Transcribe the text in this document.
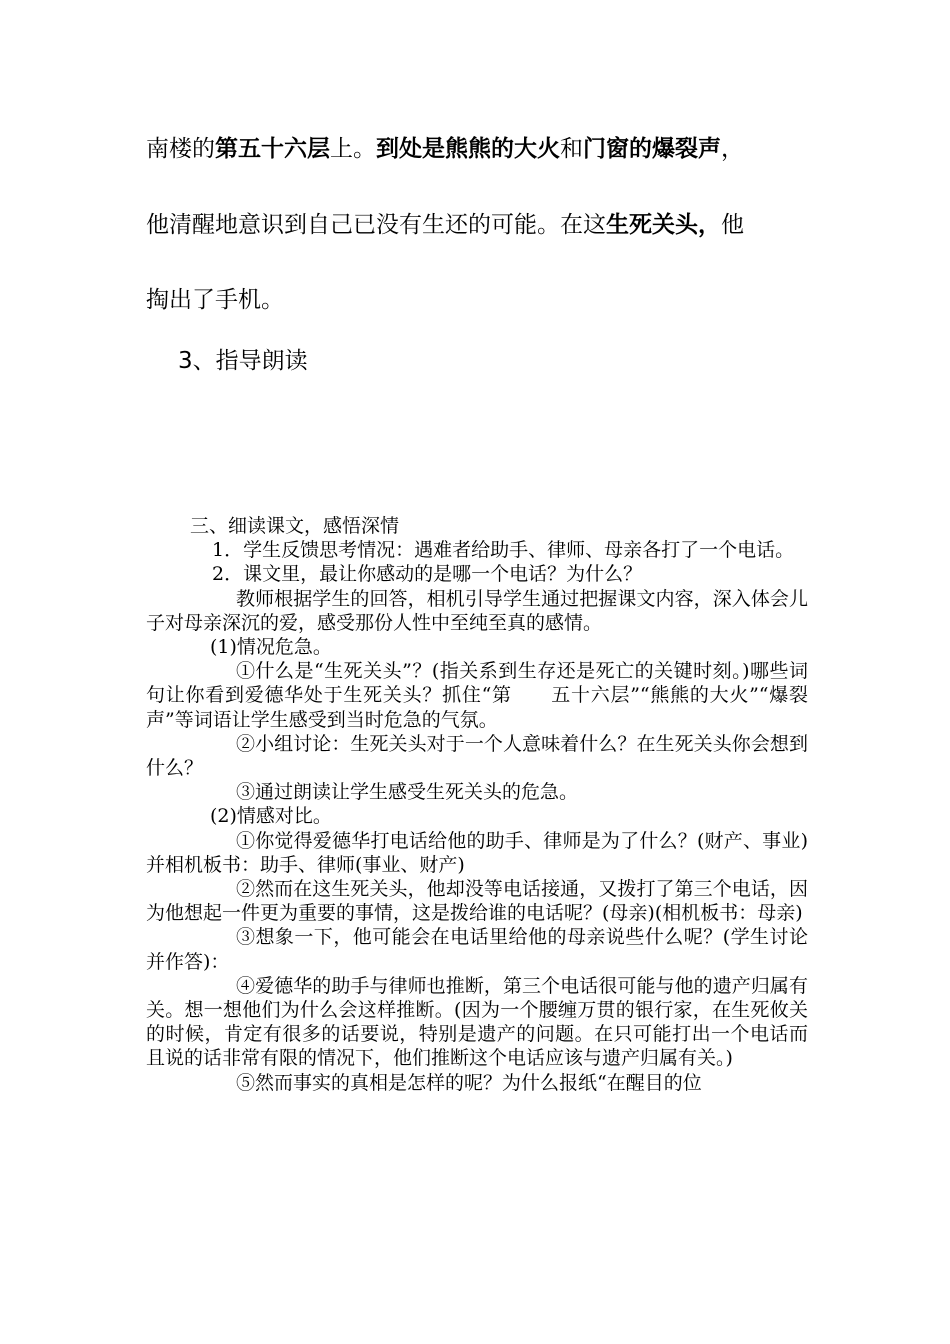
南楼的第五十六层上。到处是熊熊的大火和门窗的爆裂声，
他清醒地意识到自己已没有生还的可能。在这生死关头，他
掏出了手机。
3、指导朗读

三、细读课文，感悟深情

1．学生反馈思考情况：遇难者给助手、律师、母亲各打了一个电话。

2．课文里，最让你感动的是哪一个电话？为什么？

教师根据学生的回答，相机引导学生通过把握课文内容，深入体会儿子对母亲深沉的爱，感受那份人性中至纯至真的感情。

(1)情况危急。

①什么是“生死关头”？(指关系到生存还是死亡的关键时刻。)哪些词句让你看到爱德华处于生死关头？抓住“第　　五十六层”“熊熊的大火”“爆裂声”等词语让学生感受到当时危急的气氛。

②小组讨论：生死关头对于一个人意味着什么？在生死关头你会想到什么？

③通过朗读让学生感受生死关头的危急。

(2)情感对比。

①你觉得爱德华打电话给他的助手、律师是为了什么？(财产、事业)并相机板书：助手、律师(事业、财产)

②然而在这生死关头，他却没等电话接通，又拨打了第三个电话，因为他想起一件更为重要的事情，这是拨给谁的电话呢？(母亲)(相机板书：母亲)

③想象一下，他可能会在电话里给他的母亲说些什么呢？(学生讨论并作答)：

④爱德华的助手与律师也推断，第三个电话很可能与他的遗产归属有关。想一想他们为什么会这样推断。(因为一个腰缠万贯的银行家，在生死攸关的时候，肯定有很多的话要说，特别是遗产的问题。在只可能打出一个电话而且说的话非常有限的情况下，他们推断这个电话应该与遗产归属有关。)

⑤然而事实的真相是怎样的呢？为什么报纸“在醒目的位
